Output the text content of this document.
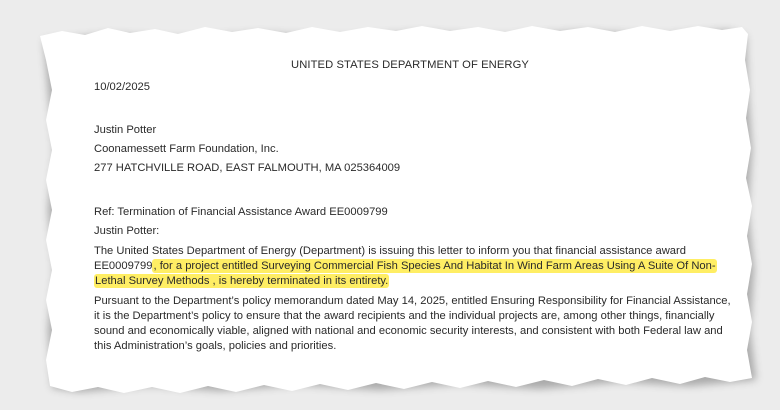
UNITED STATES DEPARTMENT OF ENERGY
10/02/2025
Justin Potter
Coonamessett Farm Foundation, Inc.
277 HATCHVILLE ROAD, EAST FALMOUTH, MA 025364009
Ref: Termination of Financial Assistance Award EE0009799
Justin Potter:
The United States Department of Energy (Department) is issuing this letter to inform you that financial assistance award EE0009799, for a project entitled Surveying Commercial Fish Species And Habitat In Wind Farm Areas Using A Suite Of Non- Lethal Survey Methods , is hereby terminated in its entirety.
Pursuant to the Department’s policy memorandum dated May 14, 2025, entitled Ensuring Responsibility for Financial Assistance, it is the Department’s policy to ensure that the award recipients and the individual projects are, among other things, financially sound and economically viable, aligned with national and economic security interests, and consistent with both Federal law and this Administration’s goals, policies and priorities.
